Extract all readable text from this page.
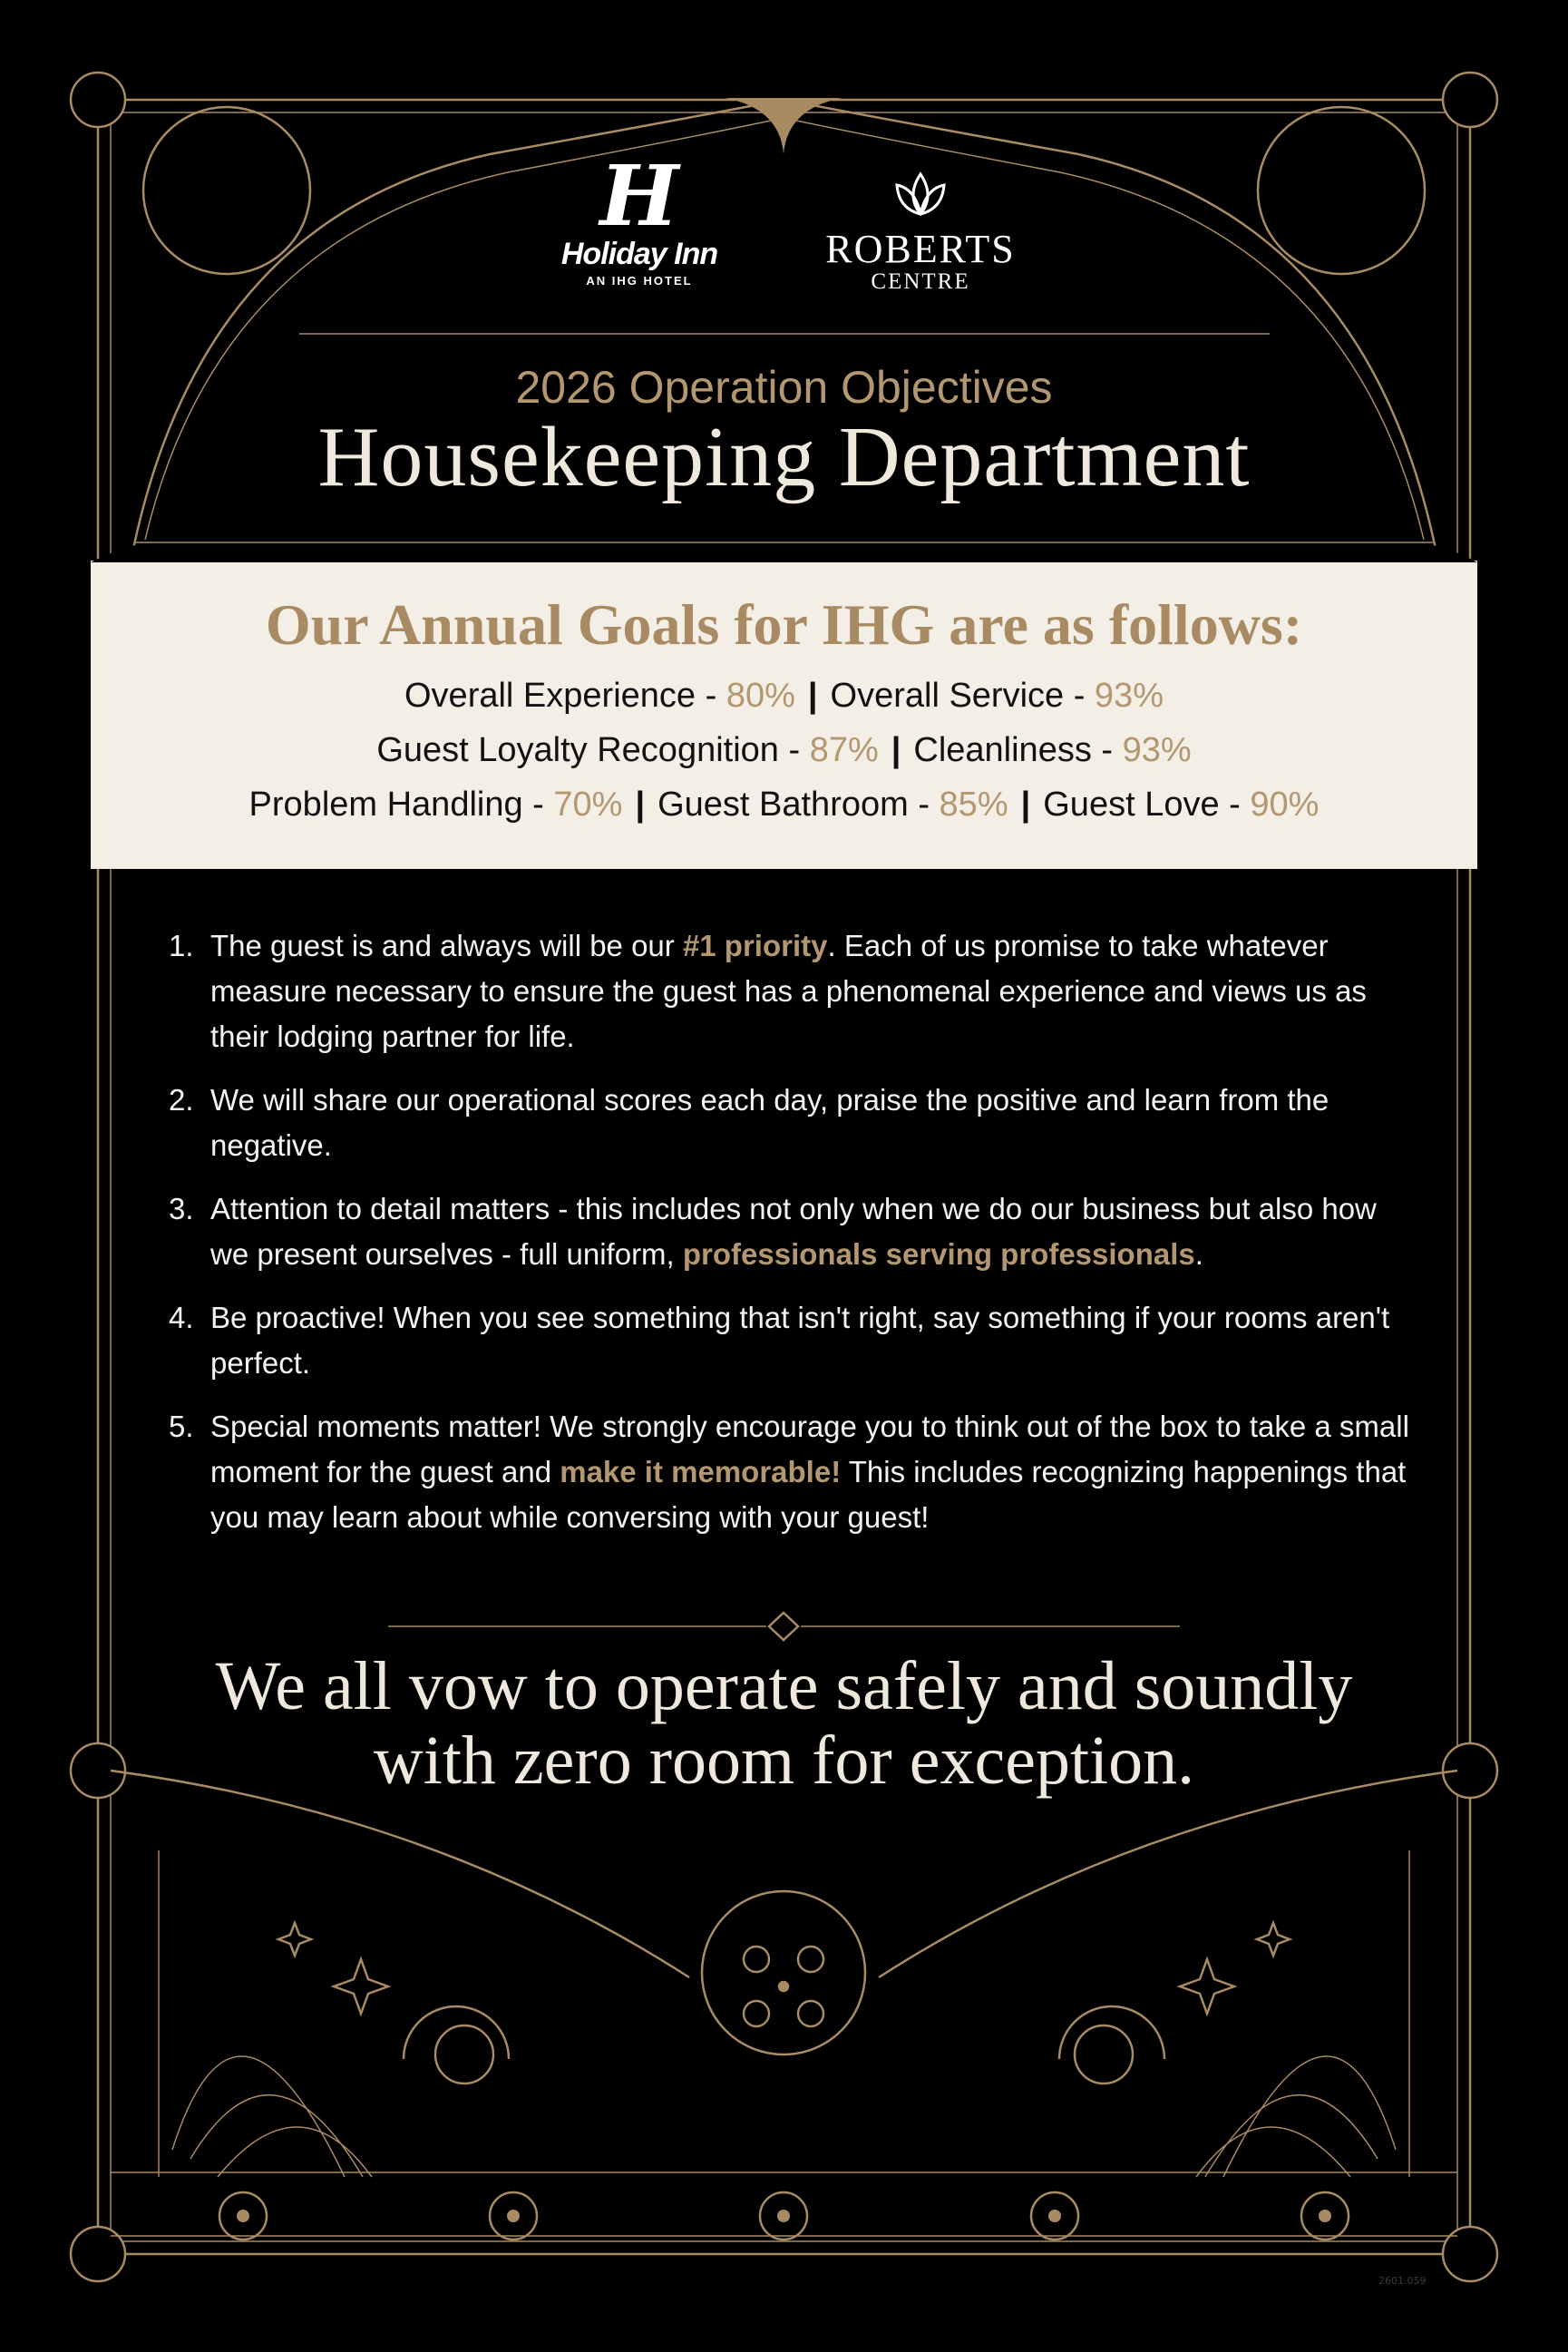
H
Holiday Inn
AN IHG HOTEL
ROBERTS
CENTRE
2026 Operation Objectives
Housekeeping Department
Our Annual Goals for IHG are as follows:
Overall Experience - 80% | Overall Service - 93%
Guest Loyalty Recognition - 87% | Cleanliness - 93%
Problem Handling - 70% | Guest Bathroom - 85% | Guest Love - 90%
1. The guest is and always will be our #1 priority. Each of us promise to take whatever measure necessary to ensure the guest has a phenomenal experience and views us as their lodging partner for life.
2. We will share our operational scores each day, praise the positive and learn from the negative.
3. Attention to detail matters - this includes not only when we do our business but also how we present ourselves - full uniform, professionals serving professionals.
4. Be proactive! When you see something that isn't right, say something if your rooms aren't perfect.
5. Special moments matter! We strongly encourage you to think out of the box to take a small moment for the guest and make it memorable! This includes recognizing happenings that you may learn about while conversing with your guest!
We all vow to operate safely and soundly
with zero room for exception.
2601.059
